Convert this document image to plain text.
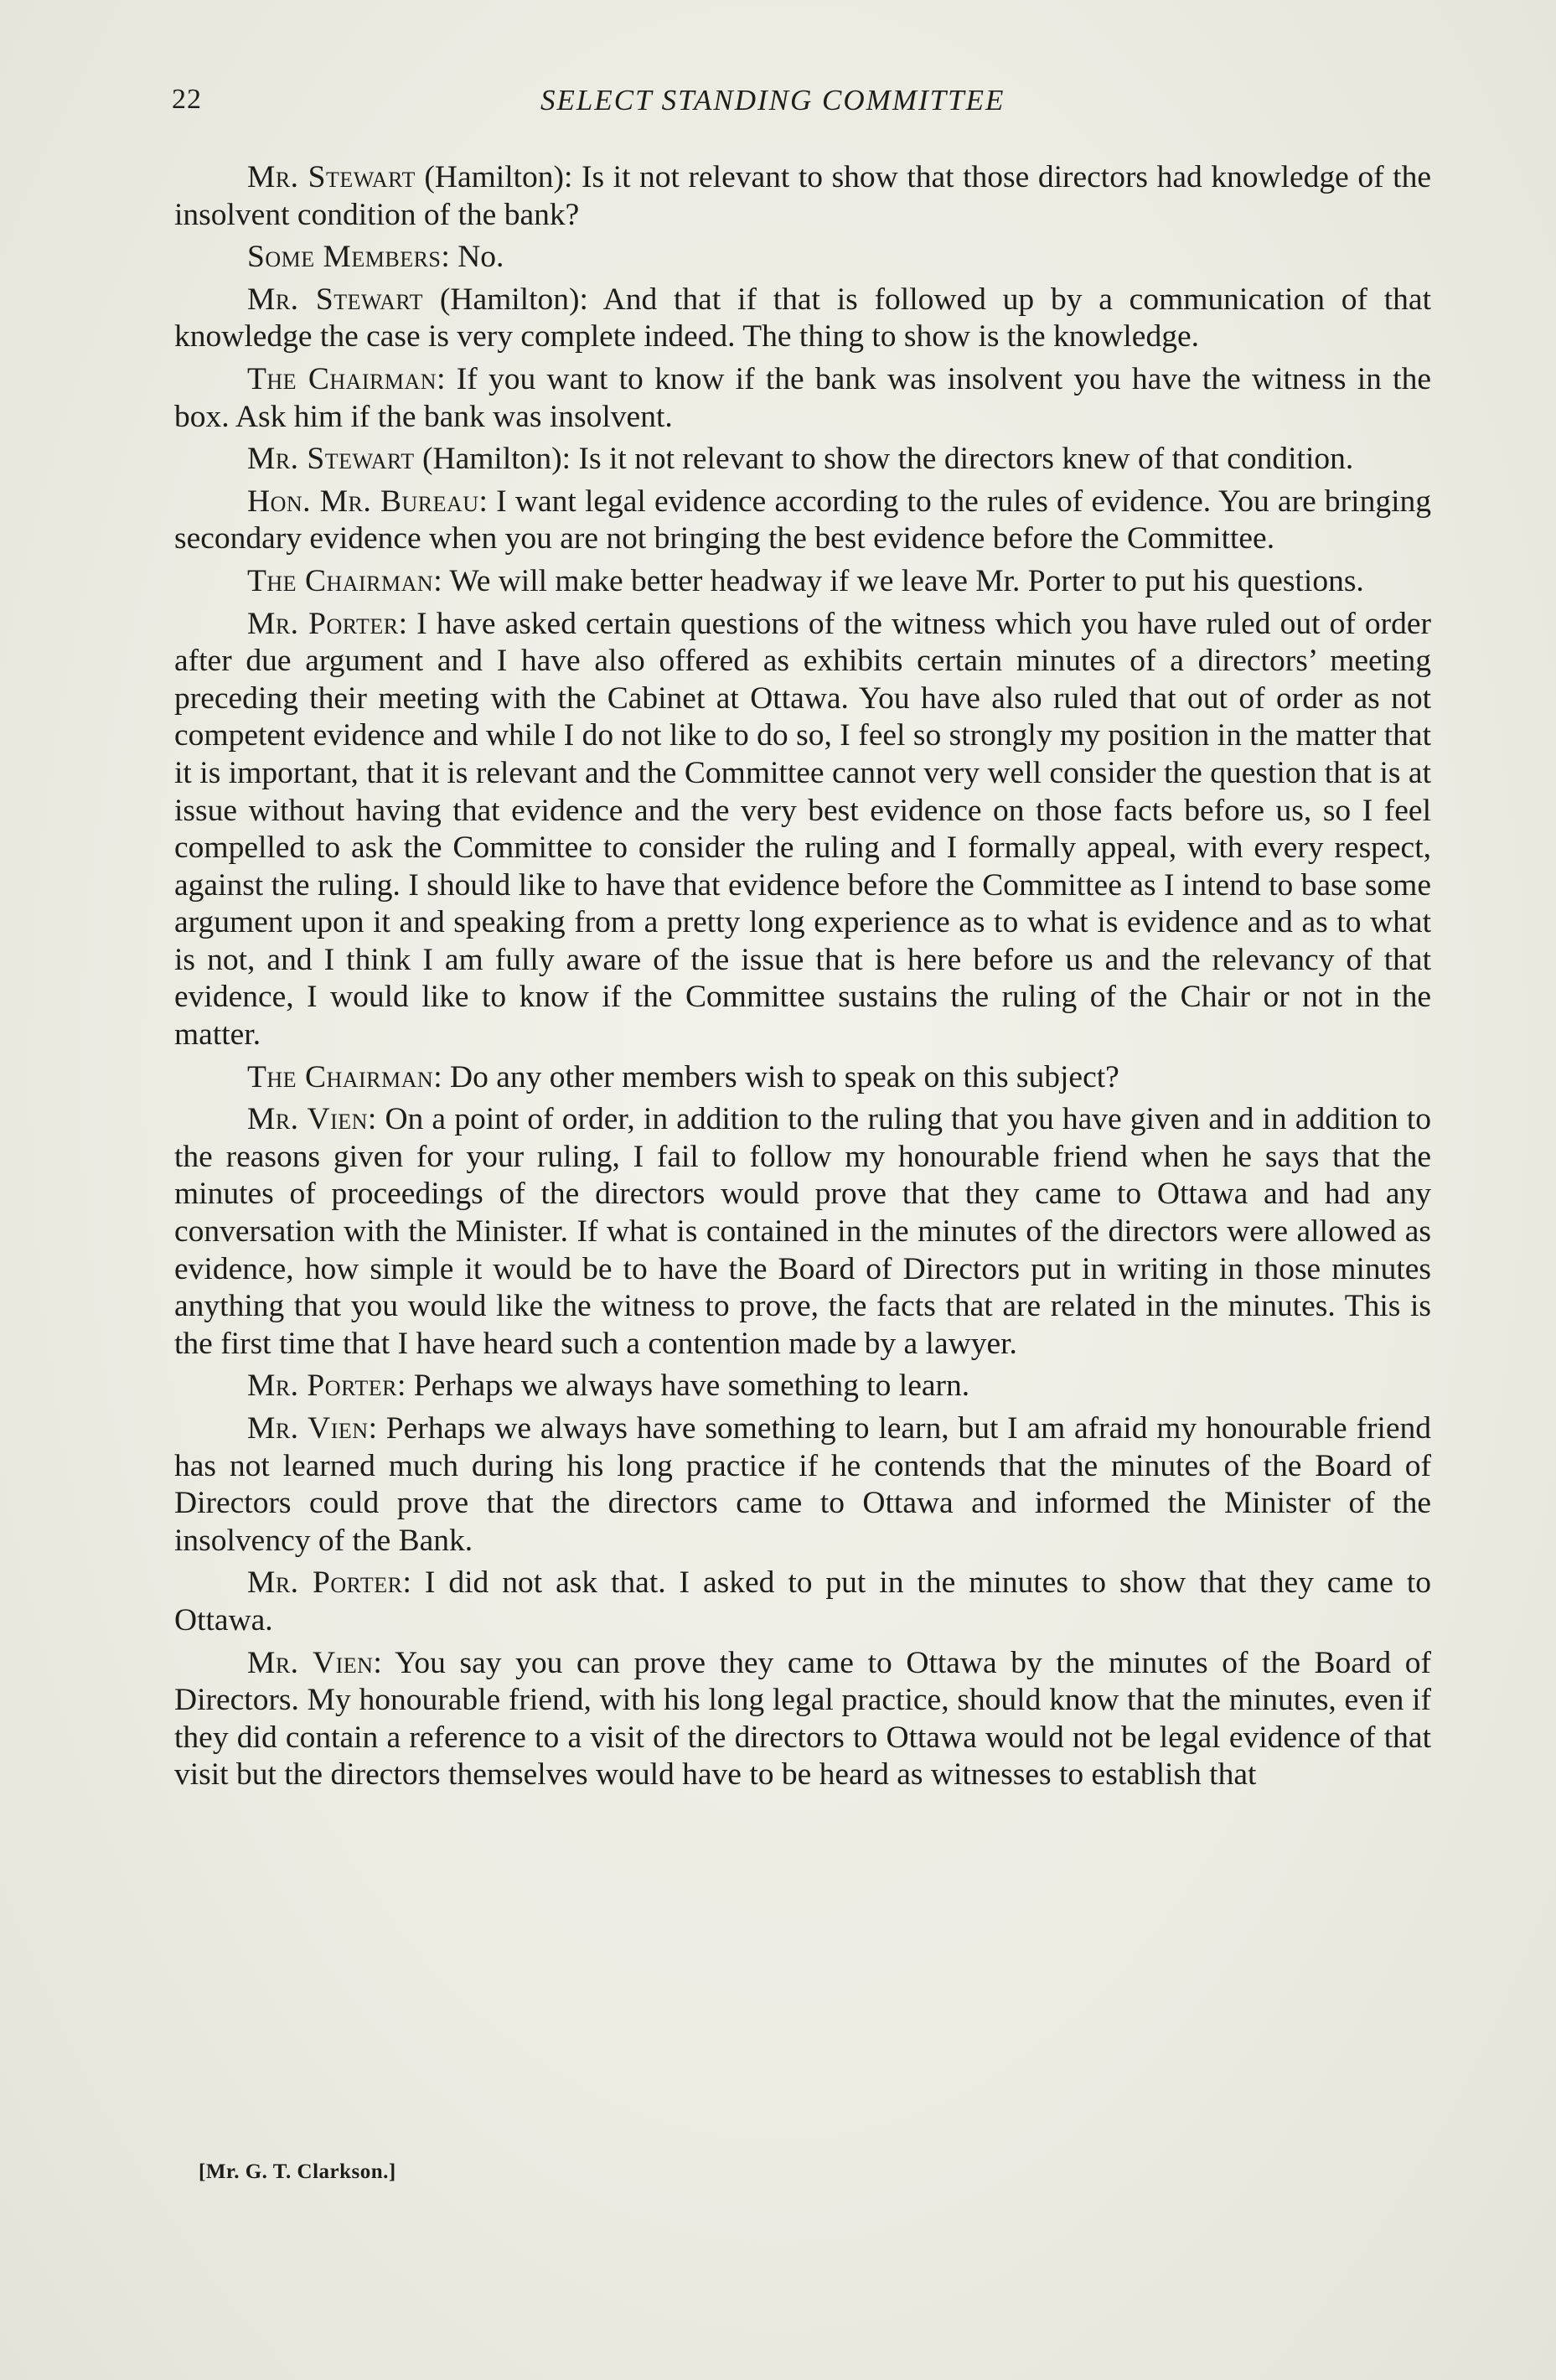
22	SELECT STANDING COMMITTEE

Mr. Stewart (Hamilton): Is it not relevant to show that those directors had knowledge of the insolvent condition of the bank?

Some Members: No.

Mr. Stewart (Hamilton): And that if that is followed up by a communication of that knowledge the case is very complete indeed. The thing to show is the knowledge.

The Chairman: If you want to know if the bank was insolvent you have the witness in the box. Ask him if the bank was insolvent.

Mr. Stewart (Hamilton): Is it not relevant to show the directors knew of that condition.

Hon. Mr. Bureau: I want legal evidence according to the rules of evidence. You are bringing secondary evidence when you are not bringing the best evidence before the Committee.

The Chairman: We will make better headway if we leave Mr. Porter to put his questions.

Mr. Porter: I have asked certain questions of the witness which you have ruled out of order after due argument and I have also offered as exhibits certain minutes of a directors’ meeting preceding their meeting with the Cabinet at Ottawa. You have also ruled that out of order as not competent evidence and while I do not like to do so, I feel so strongly my position in the matter that it is important, that it is relevant and the Committee cannot very well consider the question that is at issue without having that evidence and the very best evidence on those facts before us, so I feel compelled to ask the Committee to consider the ruling and I formally appeal, with every respect, against the ruling. I should like to have that evidence before the Committee as I intend to base some argument upon it and speaking from a pretty long experience as to what is evidence and as to what is not, and I think I am fully aware of the issue that is here before us and the relevancy of that evidence, I would like to know if the Committee sustains the ruling of the Chair or not in the matter.

The Chairman: Do any other members wish to speak on this subject?

Mr. Vien: On a point of order, in addition to the ruling that you have given and in addition to the reasons given for your ruling, I fail to follow my honourable friend when he says that the minutes of proceedings of the directors would prove that they came to Ottawa and had any conversation with the Minister. If what is contained in the minutes of the directors were allowed as evidence, how simple it would be to have the Board of Directors put in writing in those minutes anything that you would like the witness to prove, the facts that are related in the minutes. This is the first time that I have heard such a contention made by a lawyer.

Mr. Porter: Perhaps we always have something to learn.

Mr. Vien: Perhaps we always have something to learn, but I am afraid my honourable friend has not learned much during his long practice if he contends that the minutes of the Board of Directors could prove that the directors came to Ottawa and informed the Minister of the insolvency of the Bank.

Mr. Porter: I did not ask that. I asked to put in the minutes to show that they came to Ottawa.

Mr. Vien: You say you can prove they came to Ottawa by the minutes of the Board of Directors. My honourable friend, with his long legal practice, should know that the minutes, even if they did contain a reference to a visit of the directors to Ottawa would not be legal evidence of that visit but the directors themselves would have to be heard as witnesses to establish that

[Mr. G. T. Clarkson.]
